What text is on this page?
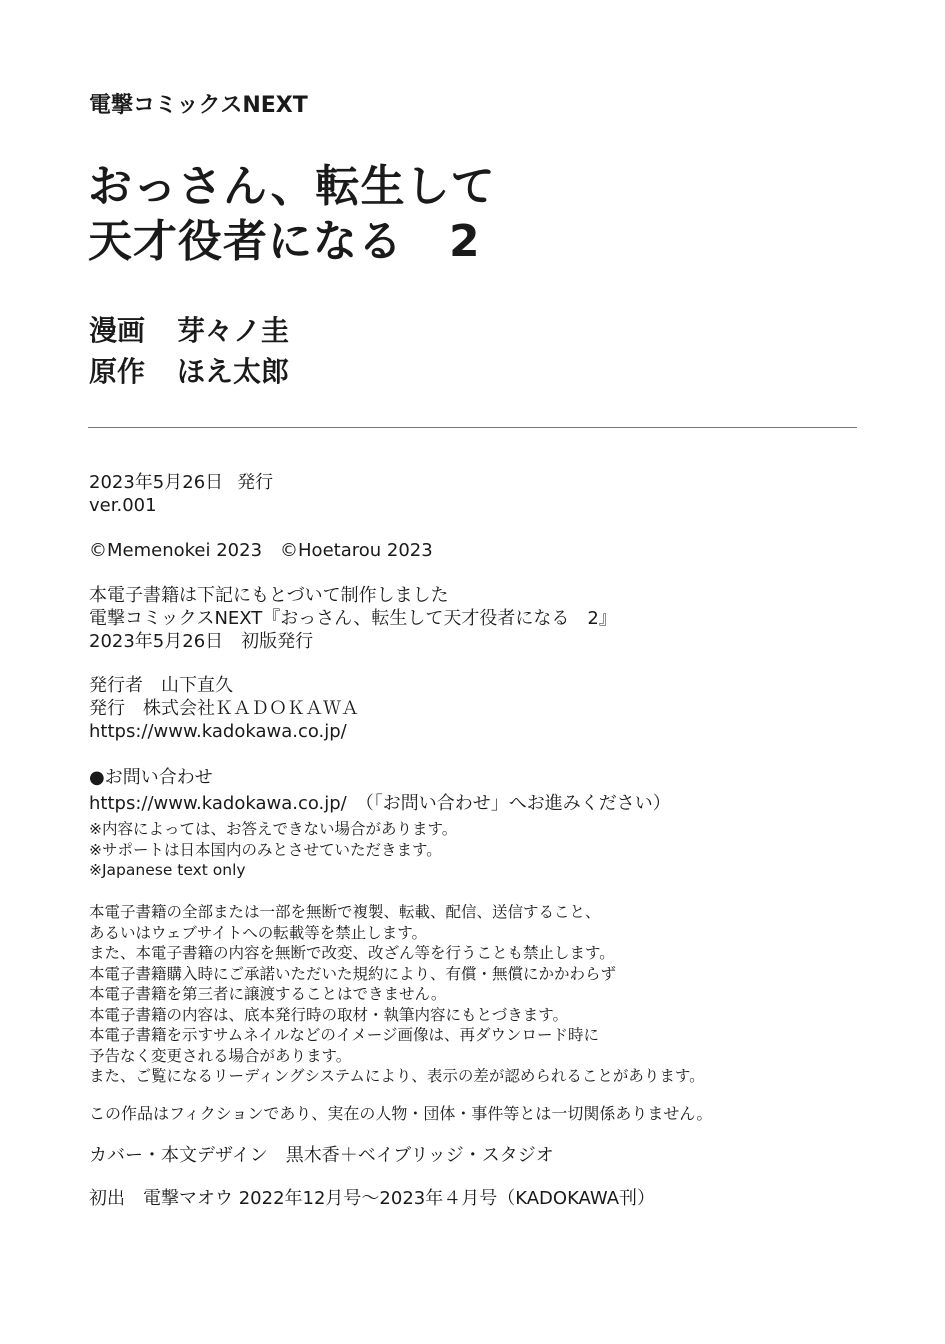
電撃コミックスNEXT
おっさん、転生して
天才役者になる 2
漫画 芽々ノ圭
原作 ほえ太郎
2023年5月26日 発行
ver.001
©Memenokei 2023　©Hoetarou 2023
本電子書籍は下記にもとづいて制作しました
電撃コミックスNEXT『おっさん、転生して天才役者になる　2』
2023年5月26日　初版発行
発行者　山下直久
発行　株式会社ＫＡＤＯＫＡＷＡ
https://www.kadokawa.co.jp/
●お問い合わせ
https://www.kadokawa.co.jp/　（「お問い合わせ」へお進みください）
※内容によっては、お答えできない場合があります。
※サポートは日本国内のみとさせていただきます。
※Japanese text only
本電子書籍の全部または一部を無断で複製、転載、配信、送信すること、
あるいはウェブサイトへの転載等を禁止します。
また、本電子書籍の内容を無断で改変、改ざん等を行うことも禁止します。
本電子書籍購入時にご承諾いただいた規約により、有償・無償にかかわらず
本電子書籍を第三者に譲渡することはできません。
本電子書籍の内容は、底本発行時の取材・執筆内容にもとづきます。
本電子書籍を示すサムネイルなどのイメージ画像は、再ダウンロード時に
予告なく変更される場合があります。
また、ご覧になるリーディングシステムにより、表示の差が認められることがあります。
この作品はフィクションであり、実在の人物・団体・事件等とは一切関係ありません。
カバー・本文デザイン　黒木香＋ベイブリッジ・スタジオ
初出　電撃マオウ 2022年12月号～2023年４月号（KADOKAWA刊）
